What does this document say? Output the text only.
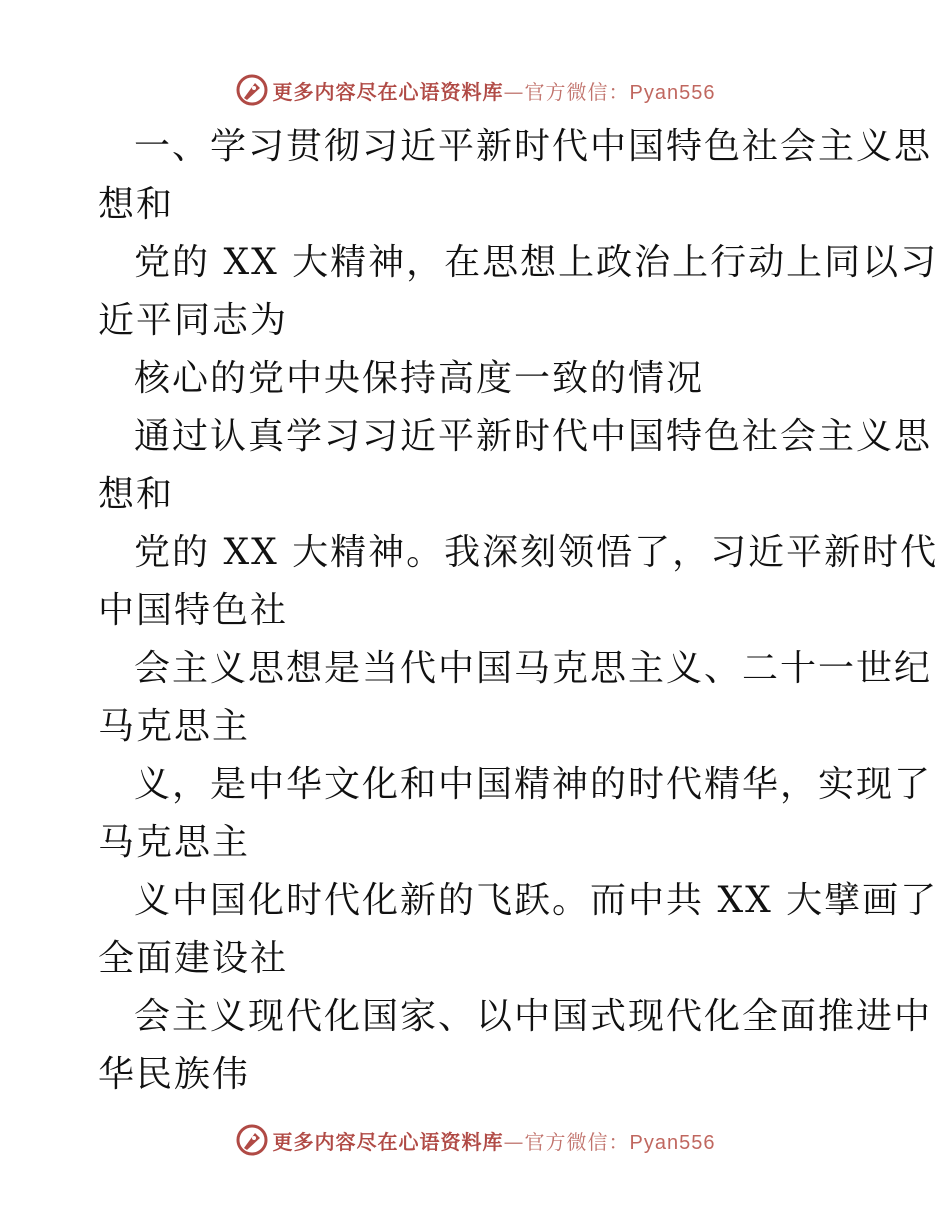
更多内容尽在心语资料库—官方微信：Pyan556
一、学习贯彻习近平新时代中国特色社会主义思
想和
党的 XX 大精神，在思想上政治上行动上同以习
近平同志为
核心的党中央保持高度一致的情况
通过认真学习习近平新时代中国特色社会主义思
想和
党的 XX 大精神。我深刻领悟了，习近平新时代
中国特色社
会主义思想是当代中国马克思主义、二十一世纪
马克思主
义，是中华文化和中国精神的时代精华，实现了
马克思主
义中国化时代化新的飞跃。而中共 XX 大擘画了
全面建设社
会主义现代化国家、以中国式现代化全面推进中
华民族伟
更多内容尽在心语资料库—官方微信：Pyan556
